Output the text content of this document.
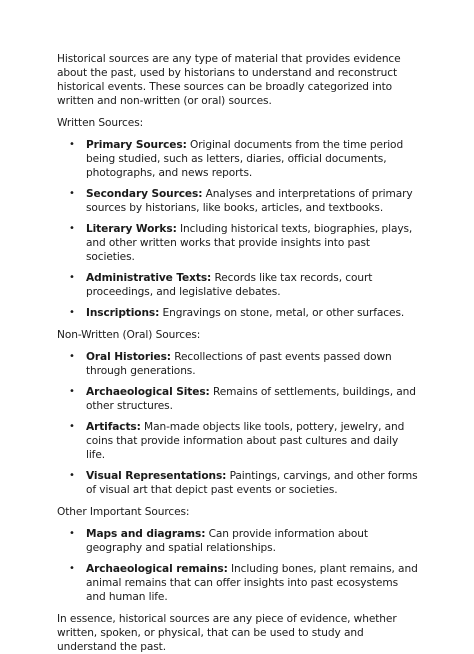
Historical sources are any type of material that provides evidence about the past, used by historians to understand and reconstruct historical events. These sources can be broadly categorized into written and non-written (or oral) sources.

Written Sources:

• Primary Sources: Original documents from the time period being studied, such as letters, diaries, official documents, photographs, and news reports.
• Secondary Sources: Analyses and interpretations of primary sources by historians, like books, articles, and textbooks.
• Literary Works: Including historical texts, biographies, plays, and other written works that provide insights into past societies.
• Administrative Texts: Records like tax records, court proceedings, and legislative debates.
• Inscriptions: Engravings on stone, metal, or other surfaces.

Non-Written (Oral) Sources:

• Oral Histories: Recollections of past events passed down through generations.
• Archaeological Sites: Remains of settlements, buildings, and other structures.
• Artifacts: Man-made objects like tools, pottery, jewelry, and coins that provide information about past cultures and daily life.
• Visual Representations: Paintings, carvings, and other forms of visual art that depict past events or societies.

Other Important Sources:

• Maps and diagrams: Can provide information about geography and spatial relationships.
• Archaeological remains: Including bones, plant remains, and animal remains that can offer insights into past ecosystems and human life.

In essence, historical sources are any piece of evidence, whether written, spoken, or physical, that can be used to study and understand the past.
